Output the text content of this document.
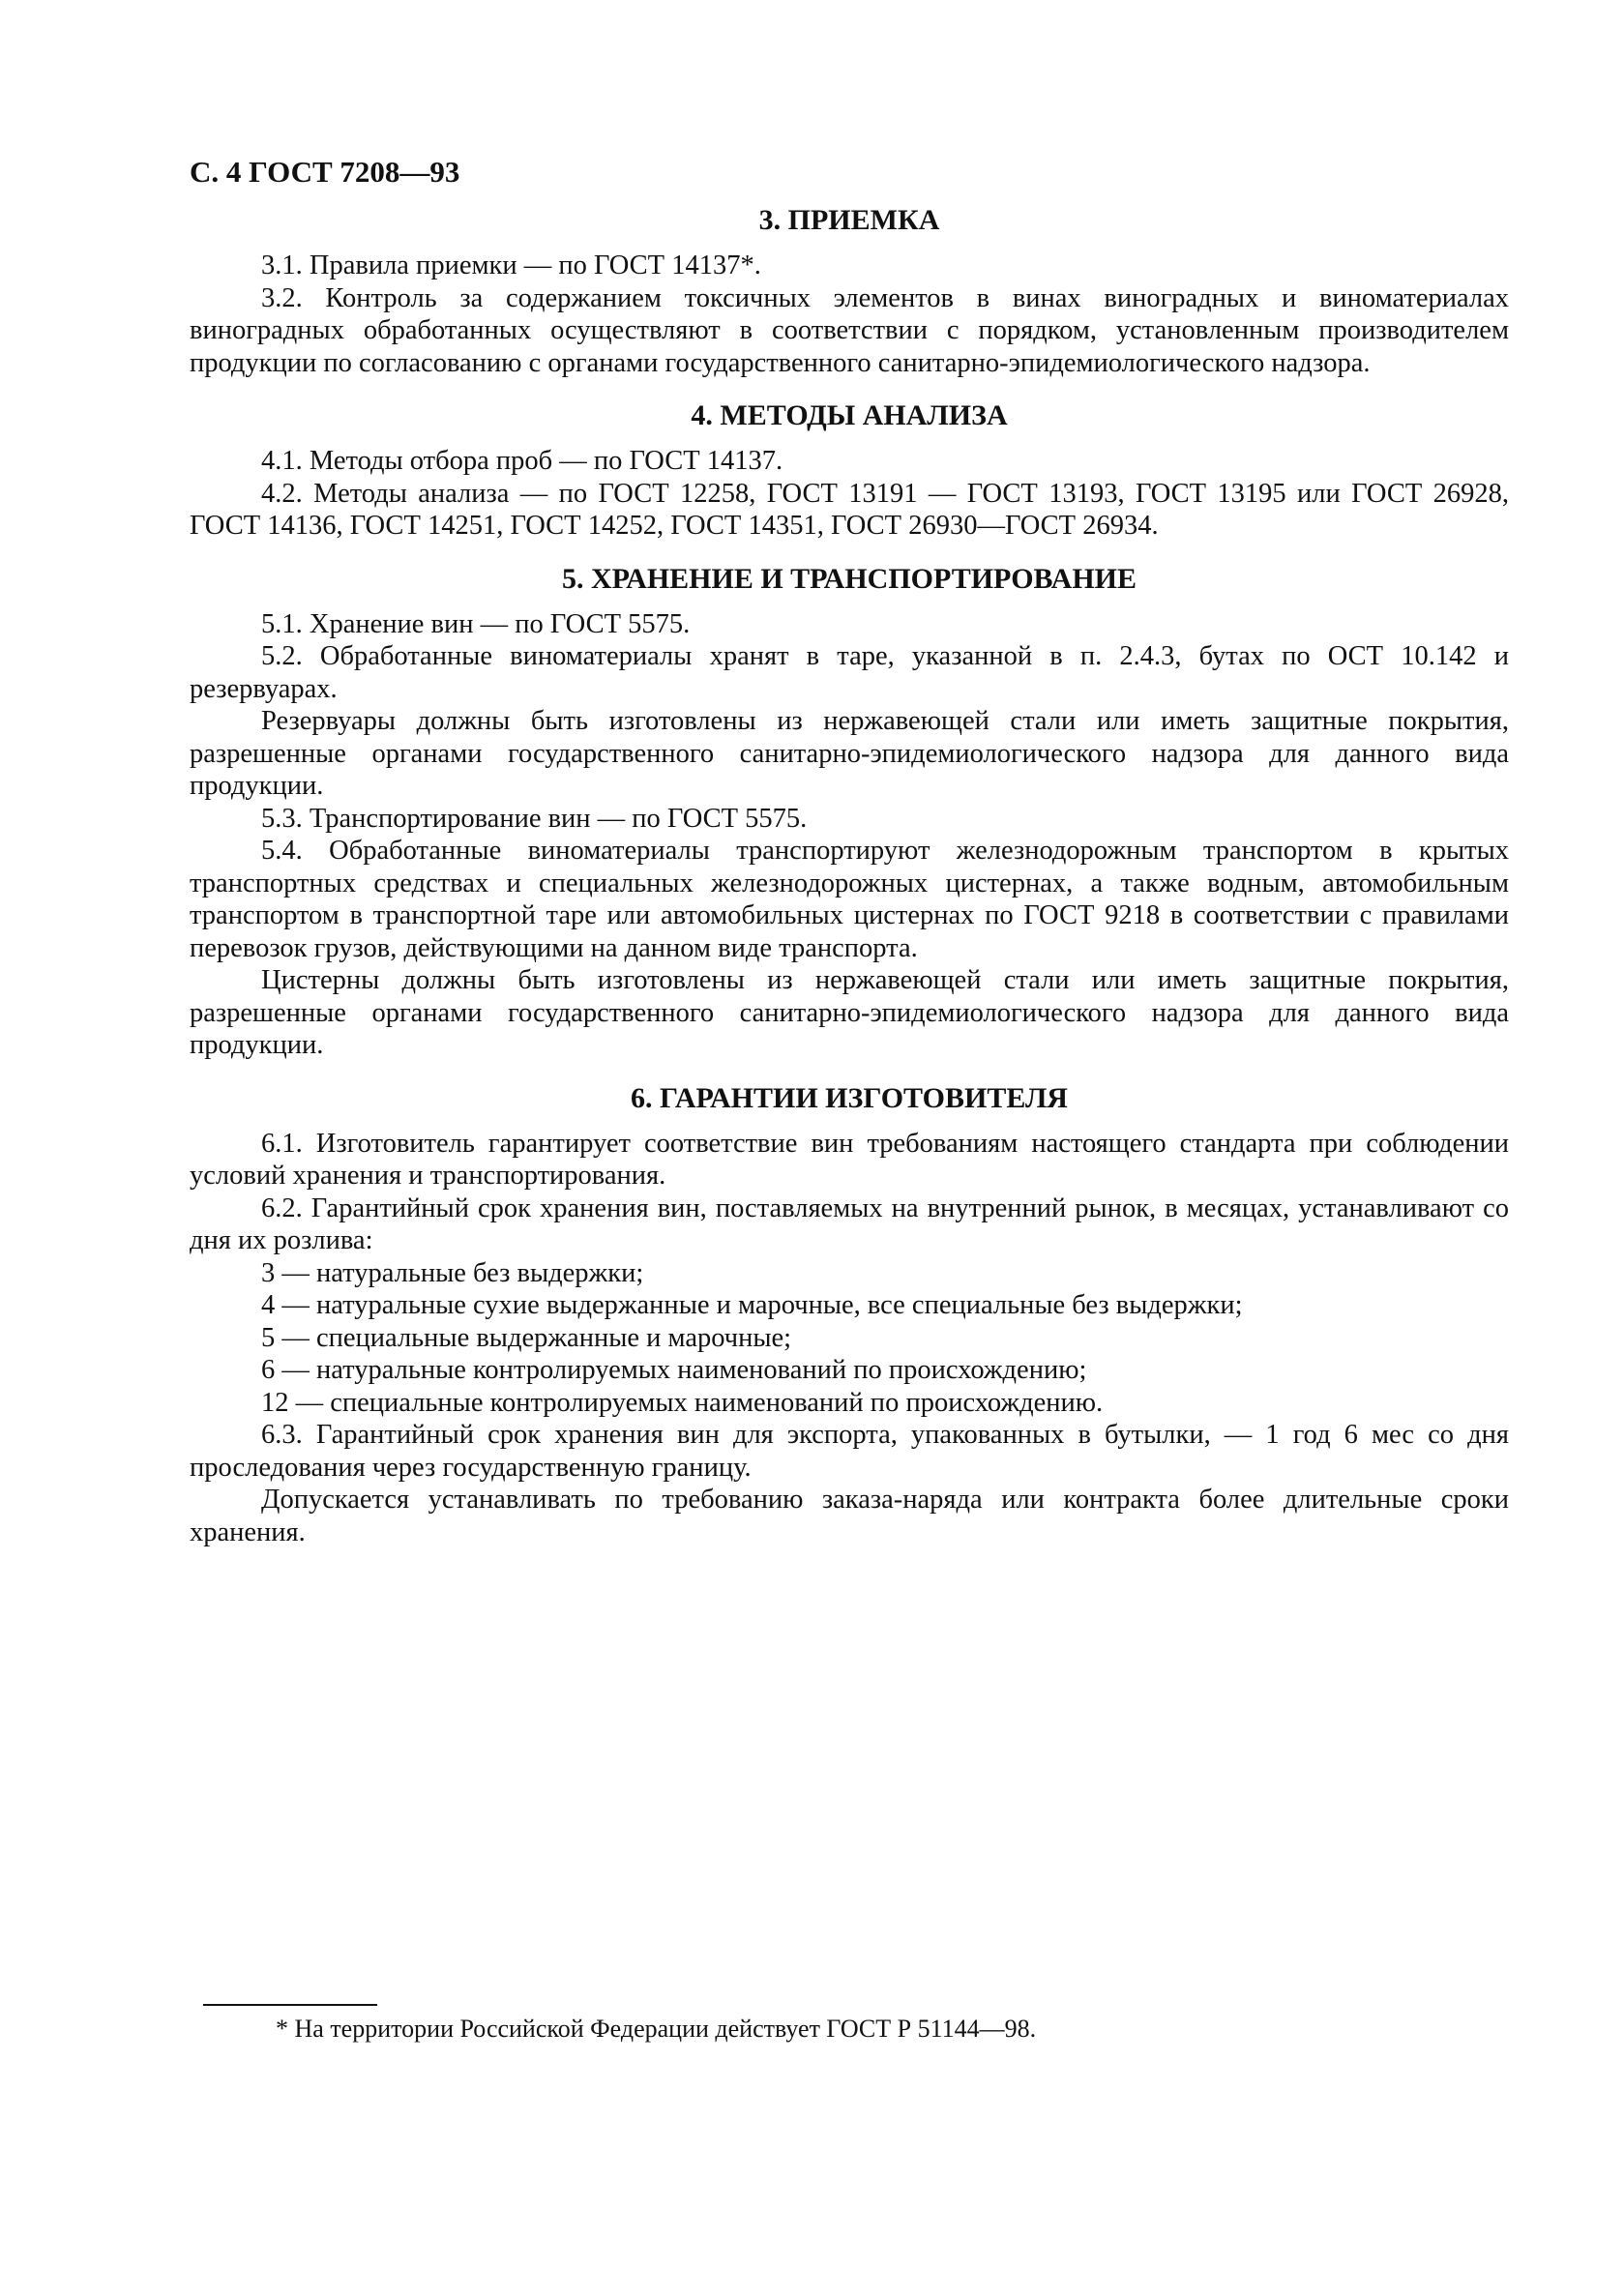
С. 4 ГОСТ 7208—93
3. ПРИЕМКА

3.1. Правила приемки — по ГОСТ 14137*.

3.2. Контроль за содержанием токсичных элементов в винах виноградных и виноматериалах виноградных обработанных осуществляют в соответствии с порядком, установленным производителем продукции по согласованию с органами государственного санитарно-эпидемиологического надзора.

4. МЕТОДЫ АНАЛИЗА

4.1. Методы отбора проб — по ГОСТ 14137.

4.2. Методы анализа — по ГОСТ 12258, ГОСТ 13191 — ГОСТ 13193, ГОСТ 13195 или ГОСТ 26928, ГОСТ 14136, ГОСТ 14251, ГОСТ 14252, ГОСТ 14351, ГОСТ 26930—ГОСТ 26934.

5. ХРАНЕНИЕ И ТРАНСПОРТИРОВАНИЕ

5.1. Хранение вин — по ГОСТ 5575.

5.2. Обработанные виноматериалы хранят в таре, указанной в п. 2.4.3, бутах по ОСТ 10.142 и резервуарах.

Резервуары должны быть изготовлены из нержавеющей стали или иметь защитные покрытия, разрешенные органами государственного санитарно-эпидемиологического надзора для данного вида продукции.

5.3. Транспортирование вин — по ГОСТ 5575.

5.4. Обработанные виноматериалы транспортируют железнодорожным транспортом в крытых транспортных средствах и специальных железнодорожных цистернах, а также водным, автомобильным транспортом в транспортной таре или автомобильных цистернах по ГОСТ 9218 в соответствии с правилами перевозок грузов, действующими на данном виде транспорта.

Цистерны должны быть изготовлены из нержавеющей стали или иметь защитные покрытия, разрешенные органами государственного санитарно-эпидемиологического надзора для данного вида продукции.

6. ГАРАНТИИ ИЗГОТОВИТЕЛЯ

6.1. Изготовитель гарантирует соответствие вин требованиям настоящего стандарта при соблюдении условий хранения и транспортирования.

6.2. Гарантийный срок хранения вин, поставляемых на внутренний рынок, в месяцах, устанавливают со дня их розлива:

3 — натуральные без выдержки;

4 — натуральные сухие выдержанные и марочные, все специальные без выдержки;

5 — специальные выдержанные и марочные;

6 — натуральные контролируемых наименований по происхождению;

12 — специальные контролируемых наименований по происхождению.

6.3. Гарантийный срок хранения вин для экспорта, упакованных в бутылки, — 1 год 6 мес со дня проследования через государственную границу.

Допускается устанавливать по требованию заказа-наряда или контракта более длительные сроки хранения.

* На территории Российской Федерации действует ГОСТ Р 51144—98.
